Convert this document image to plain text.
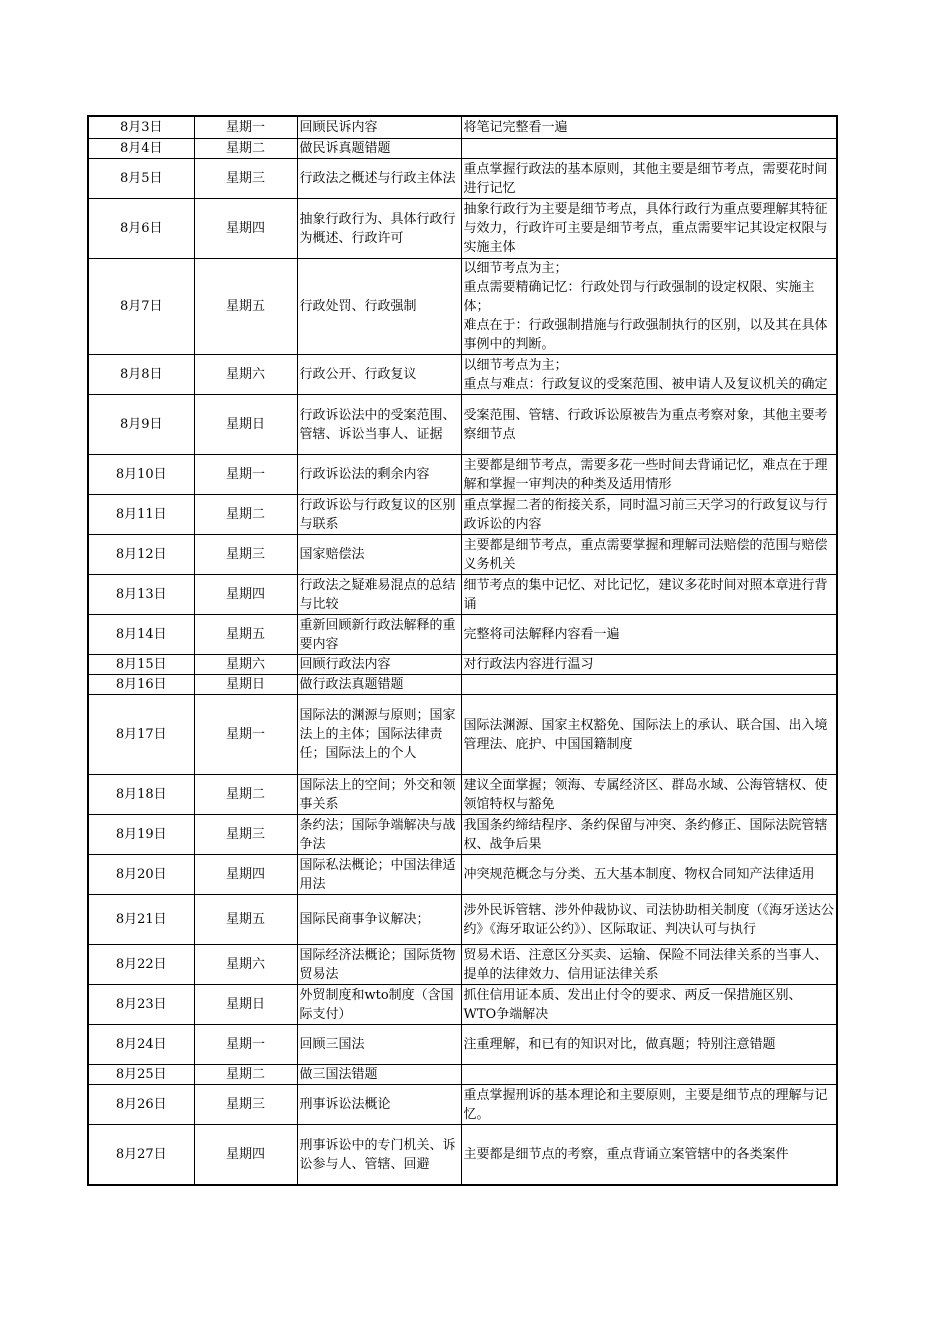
8月3日	星期一	回顾民诉内容	将笔记完整看一遍
8月4日	星期二	做民诉真题错题	
8月5日	星期三	行政法之概述与行政主体法	重点掌握行政法的基本原则，其他主要是细节考点，需要花时间进行记忆
8月6日	星期四	抽象行政行为、具体行政行为概述、行政许可	抽象行政行为主要是细节考点，具体行政行为重点要理解其特征与效力，行政许可主要是细节考点，重点需要牢记其设定权限与实施主体
8月7日	星期五	行政处罚、行政强制	以细节考点为主；
重点需要精确记忆：行政处罚与行政强制的设定权限、实施主体；
难点在于：行政强制措施与行政强制执行的区别，以及其在具体事例中的判断。
8月8日	星期六	行政公开、行政复议	以细节考点为主；
重点与难点：行政复议的受案范围、被申请人及复议机关的确定
8月9日	星期日	行政诉讼法中的受案范围、管辖、诉讼当事人、证据	受案范围、管辖、行政诉讼原被告为重点考察对象，其他主要考察细节点
8月10日	星期一	行政诉讼法的剩余内容	主要都是细节考点，需要多花一些时间去背诵记忆，难点在于理解和掌握一审判决的种类及适用情形
8月11日	星期二	行政诉讼与行政复议的区别与联系	重点掌握二者的衔接关系，同时温习前三天学习的行政复议与行政诉讼的内容
8月12日	星期三	国家赔偿法	主要都是细节考点，重点需要掌握和理解司法赔偿的范围与赔偿义务机关
8月13日	星期四	行政法之疑难易混点的总结与比较	细节考点的集中记忆、对比记忆，建议多花时间对照本章进行背诵
8月14日	星期五	重新回顾新行政法解释的重要内容	完整将司法解释内容看一遍
8月15日	星期六	回顾行政法内容	对行政法内容进行温习
8月16日	星期日	做行政法真题错题	
8月17日	星期一	国际法的渊源与原则；国家法上的主体；国际法律责任；国际法上的个人	国际法渊源、国家主权豁免、国际法上的承认、联合国、出入境管理法、庇护、中国国籍制度
8月18日	星期二	国际法上的空间；外交和领事关系	建议全面掌握；领海、专属经济区、群岛水域、公海管辖权、使领馆特权与豁免
8月19日	星期三	条约法；国际争端解决与战争法	我国条约缔结程序、条约保留与冲突、条约修正、国际法院管辖权、战争后果
8月20日	星期四	国际私法概论；中国法律适用法	冲突规范概念与分类、五大基本制度、物权合同知产法律适用
8月21日	星期五	国际民商事争议解决；	涉外民诉管辖、涉外仲裁协议、司法协助相关制度（《海牙送达公约》《海牙取证公约》）、区际取证、判决认可与执行
8月22日	星期六	国际经济法概论；国际货物贸易法	贸易术语、注意区分买卖、运输、保险不同法律关系的当事人、提单的法律效力、信用证法律关系
8月23日	星期日	外贸制度和wto制度（含国际支付）	抓住信用证本质、发出止付令的要求、两反一保措施区别、WTO争端解决
8月24日	星期一	回顾三国法	注重理解，和已有的知识对比，做真题；特别注意错题
8月25日	星期二	做三国法错题	
8月26日	星期三	刑事诉讼法概论	重点掌握刑诉的基本理论和主要原则，主要是细节点的理解与记忆。
8月27日	星期四	刑事诉讼中的专门机关、诉讼参与人、管辖、回避	主要都是细节点的考察，重点背诵立案管辖中的各类案件
